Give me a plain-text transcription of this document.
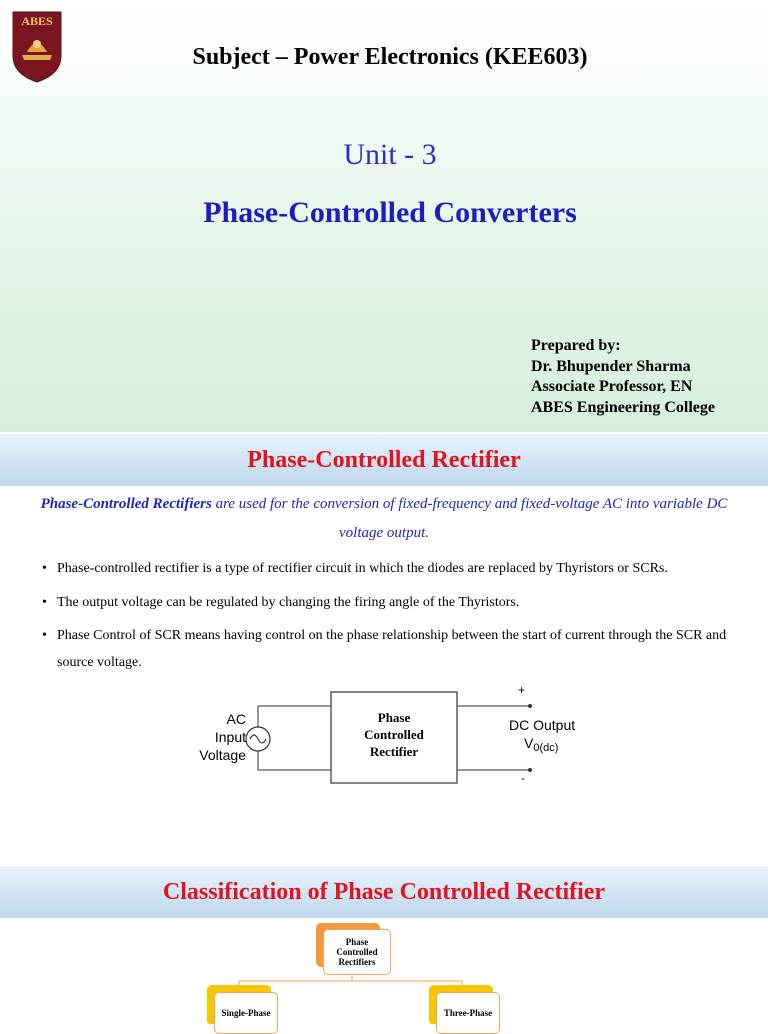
ABES
Estd. 2000
Subject – Power Electronics (KEE603)
Unit - 3
Phase-Controlled Converters
Prepared by:
Dr. Bhupender Sharma
Associate Professor, EN
ABES Engineering College
Phase-Controlled Rectifier
Phase-Controlled Rectifiers are used for the conversion of fixed-frequency and fixed-voltage AC into variable DC voltage output.
• Phase-controlled rectifier is a type of rectifier circuit in which the diodes are replaced by Thyristors or SCRs.
• The output voltage can be regulated by changing the firing angle of the Thyristors.
• Phase Control of SCR means having control on the phase relationship between the start of current through the SCR and source voltage.
AC
Input
Voltage
Phase
Controlled
Rectifier
+
-
DC Output
$V_{0(dc)}$
Classification of Phase Controlled Rectifier
Phase
Controlled
Rectifiers
Single-Phase	Three-Phase
